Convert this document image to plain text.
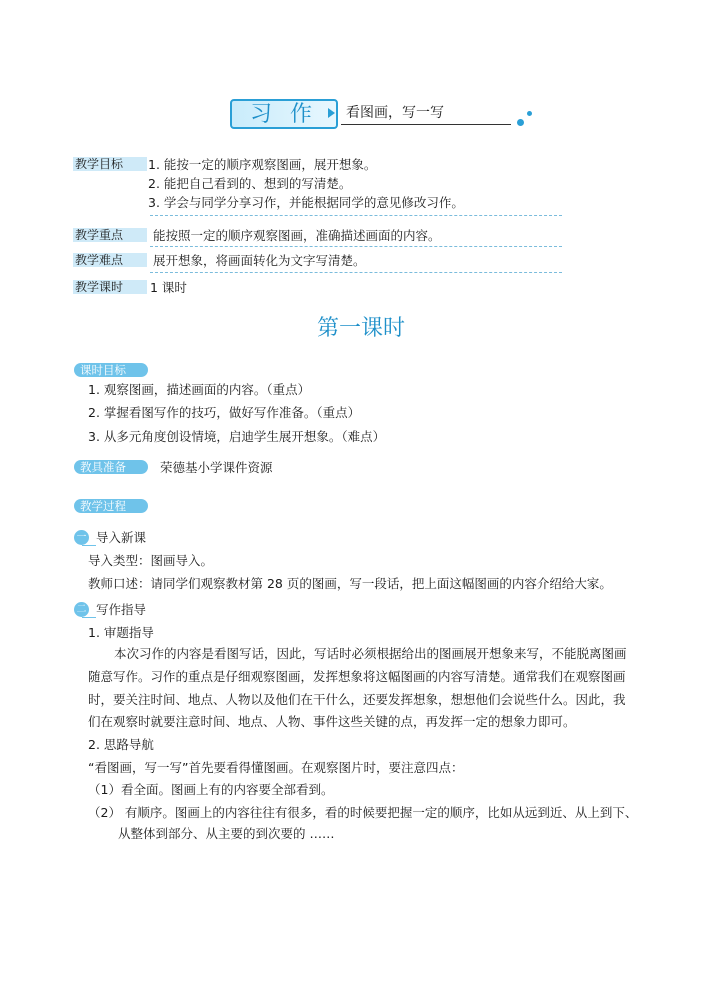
习作 看图画，写一写
教学目标	1. 能按一定的顺序观察图画，展开想象。
2. 能把自己看到的、想到的写清楚。
3. 学会与同学分享习作，并能根据同学的意见修改习作。
教学重点	能按照一定的顺序观察图画，准确描述画面的内容。
教学难点	展开想象，将画面转化为文字写清楚。
教学课时	1 课时
第一课时
课时目标
1. 观察图画，描述画面的内容。（重点）
2. 掌握看图写作的技巧，做好写作准备。（重点）
3. 从多元角度创设情境，启迪学生展开想象。（难点）
教具准备	荣德基小学课件资源
教学过程
一 导入新课
导入类型：图画导入。
教师口述：请同学们观察教材第 28 页的图画，写一段话，把上面这幅图画的内容介绍给大家。
二 写作指导
1. 审题指导
本次习作的内容是看图写话，因此，写话时必须根据给出的图画展开想象来写，不能脱离图画
随意写作。习作的重点是仔细观察图画，发挥想象将这幅图画的内容写清楚。通常我们在观察图画
时，要关注时间、地点、人物以及他们在干什么，还要发挥想象，想想他们会说些什么。因此，我
们在观察时就要注意时间、地点、人物、事件这些关键的点，再发挥一定的想象力即可。
2. 思路导航
“看图画，写一写”首先要看得懂图画。在观察图片时，要注意四点：
（1）看全面。图画上有的内容要全部看到。
（2） 有顺序。图画上的内容往往有很多，看的时候要把握一定的顺序，比如从远到近、从上到下、
从整体到部分、从主要的到次要的 ……
